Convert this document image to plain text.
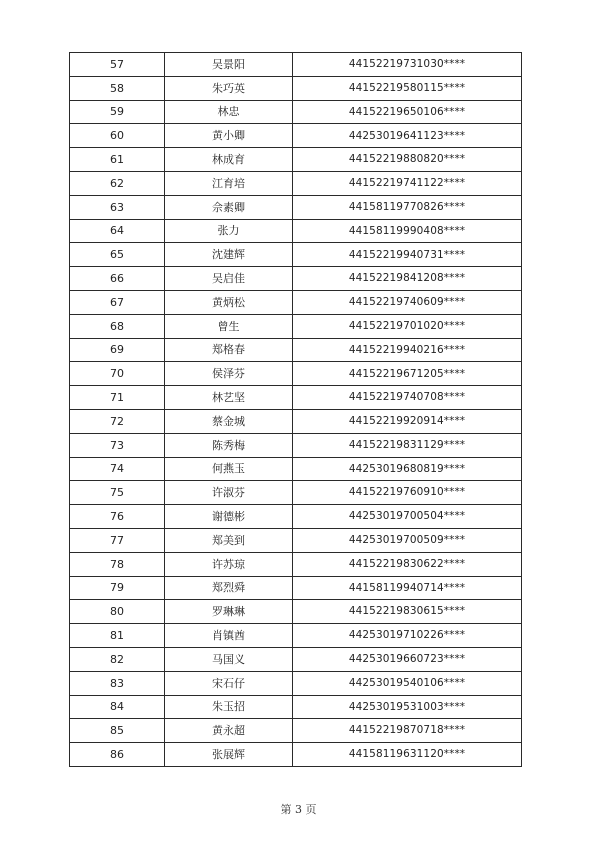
57	吴景阳	44152219731030****
58	朱巧英	44152219580115****
59	林忠	44152219650106****
60	黄小卿	44253019641123****
61	林成育	44152219880820****
62	江育培	44152219741122****
63	佘素卿	44158119770826****
64	张力	44158119990408****
65	沈建辉	44152219940731****
66	吴启佳	44152219841208****
67	黄炳松	44152219740609****
68	曾生	44152219701020****
69	郑格春	44152219940216****
70	侯泽芬	44152219671205****
71	林艺坚	44152219740708****
72	蔡金城	44152219920914****
73	陈秀梅	44152219831129****
74	何燕玉	44253019680819****
75	许淑芬	44152219760910****
76	谢德彬	44253019700504****
77	郑美到	44253019700509****
78	许苏琼	44152219830622****
79	郑烈舜	44158119940714****
80	罗琳琳	44152219830615****
81	肖镇酋	44253019710226****
82	马国义	44253019660723****
83	宋石仔	44253019540106****
84	朱玉招	44253019531003****
85	黄永超	44152219870718****
86	张展辉	44158119631120****
第 3 页
